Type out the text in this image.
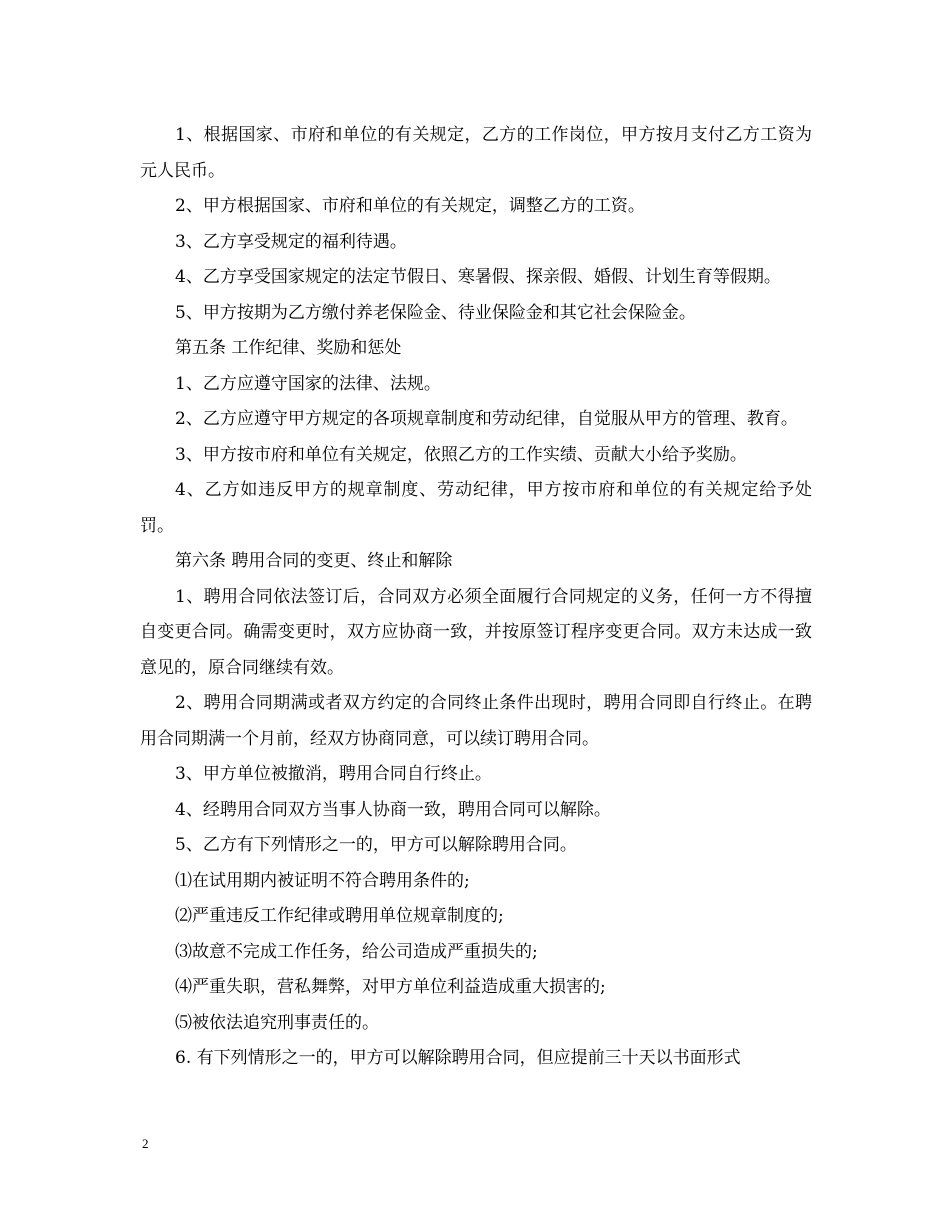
1、根据国家、市府和单位的有关规定，乙方的工作岗位，甲方按月支付乙方工资为 元人民币。

2、甲方根据国家、市府和单位的有关规定，调整乙方的工资。

3、乙方享受规定的福利待遇。

4、乙方享受国家规定的法定节假日、寒暑假、探亲假、婚假、计划生育等假期。

5、甲方按期为乙方缴付养老保险金、待业保险金和其它社会保险金。

第五条 工作纪律、奖励和惩处

1、乙方应遵守国家的法律、法规。

2、乙方应遵守甲方规定的各项规章制度和劳动纪律，自觉服从甲方的管理、教育。

3、甲方按市府和单位有关规定，依照乙方的工作实绩、贡献大小给予奖励。

4、乙方如违反甲方的规章制度、劳动纪律，甲方按市府和单位的有关规定给予处罚。

第六条 聘用合同的变更、终止和解除

1、聘用合同依法签订后，合同双方必须全面履行合同规定的义务，任何一方不得擅自变更合同。确需变更时，双方应协商一致，并按原签订程序变更合同。双方未达成一致意见的，原合同继续有效。

2、聘用合同期满或者双方约定的合同终止条件出现时，聘用合同即自行终止。在聘用合同期满一个月前，经双方协商同意，可以续订聘用合同。

3、甲方单位被撤消，聘用合同自行终止。

4、经聘用合同双方当事人协商一致，聘用合同可以解除。

5、乙方有下列情形之一的，甲方可以解除聘用合同。

⑴在试用期内被证明不符合聘用条件的;

⑵严重违反工作纪律或聘用单位规章制度的;

⑶故意不完成工作任务，给公司造成严重损失的;

⑷严重失职，营私舞弊，对甲方单位利益造成重大损害的;

⑸被依法追究刑事责任的。

6. 有下列情形之一的，甲方可以解除聘用合同，但应提前三十天以书面形式

2
